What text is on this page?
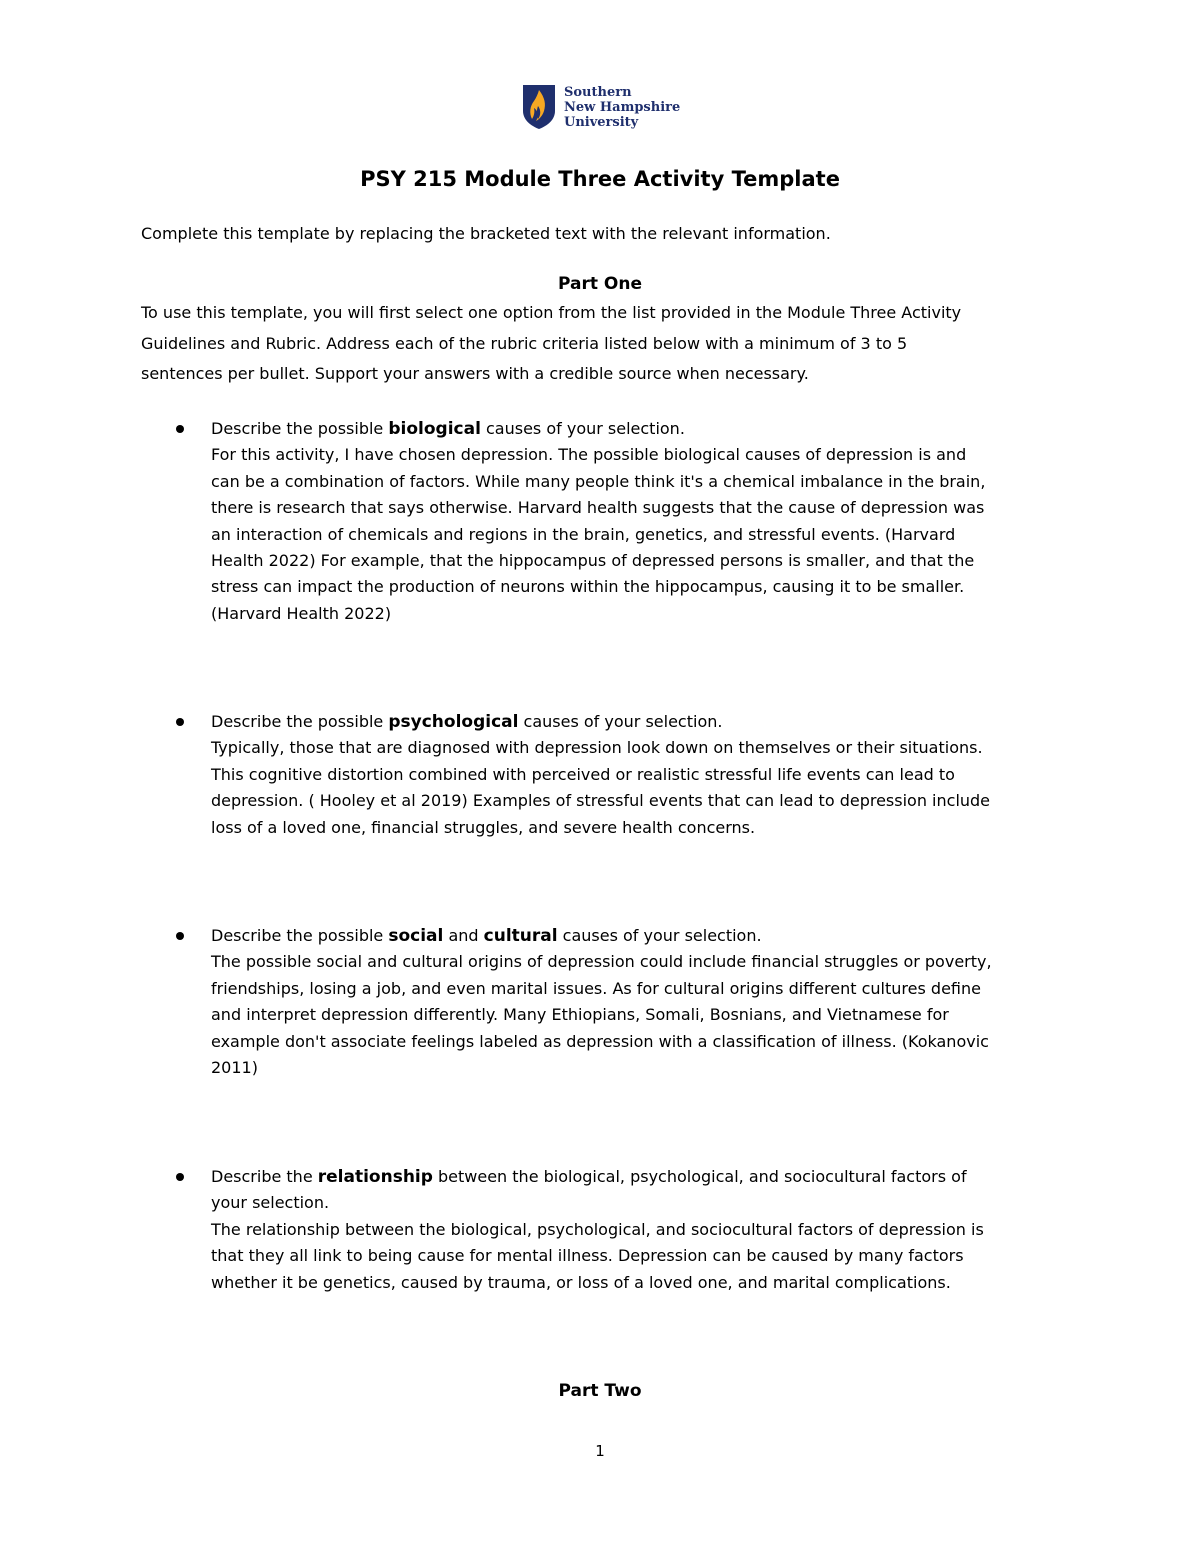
Southern
New Hampshire
University
PSY 215 Module Three Activity Template
Complete this template by replacing the bracketed text with the relevant information.
Part One
To use this template, you will first select one option from the list provided in the Module Three Activity
Guidelines and Rubric. Address each of the rubric criteria listed below with a minimum of 3 to 5
sentences per bullet. Support your answers with a credible source when necessary.
Describe the possible biological causes of your selection.
For this activity, I have chosen depression. The possible biological causes of depression is and
can be a combination of factors. While many people think it's a chemical imbalance in the brain,
there is research that says otherwise. Harvard health suggests that the cause of depression was
an interaction of chemicals and regions in the brain, genetics, and stressful events. (Harvard
Health 2022) For example, that the hippocampus of depressed persons is smaller, and that the
stress can impact the production of neurons within the hippocampus, causing it to be smaller.
(Harvard Health 2022)
Describe the possible psychological causes of your selection.
Typically, those that are diagnosed with depression look down on themselves or their situations.
This cognitive distortion combined with perceived or realistic stressful life events can lead to
depression. ( Hooley et al 2019) Examples of stressful events that can lead to depression include
loss of a loved one, financial struggles, and severe health concerns.
Describe the possible social and cultural causes of your selection.
The possible social and cultural origins of depression could include financial struggles or poverty,
friendships, losing a job, and even marital issues. As for cultural origins different cultures define
and interpret depression differently. Many Ethiopians, Somali, Bosnians, and Vietnamese for
example don't associate feelings labeled as depression with a classification of illness. (Kokanovic
2011)
Describe the relationship between the biological, psychological, and sociocultural factors of
your selection.
The relationship between the biological, psychological, and sociocultural factors of depression is
that they all link to being cause for mental illness. Depression can be caused by many factors
whether it be genetics, caused by trauma, or loss of a loved one, and marital complications.
Part Two
1
